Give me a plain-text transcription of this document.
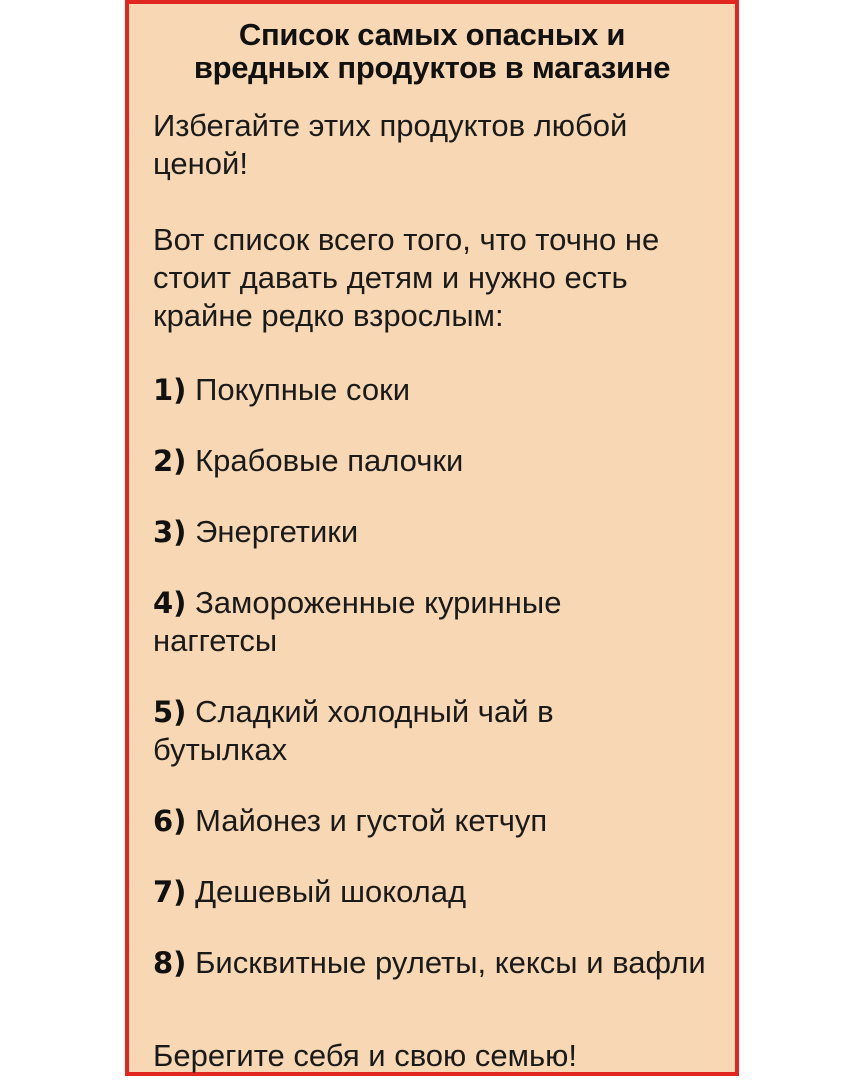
Список самых опасных и
вредных продуктов в магазине

Избегайте этих продуктов любой ценой!

Вот список всего того, что точно не стоит давать детям и нужно есть крайне редко взрослым:

1) Покупные соки

2) Крабовые палочки

3) Энергетики

4) Замороженные куринные наггетсы

5) Сладкий холодный чай в бутылках

6) Майонез и густой кетчуп

7) Дешевый шоколад

8) Бисквитные рулеты, кексы и вафли

Берегите себя и свою семью!
